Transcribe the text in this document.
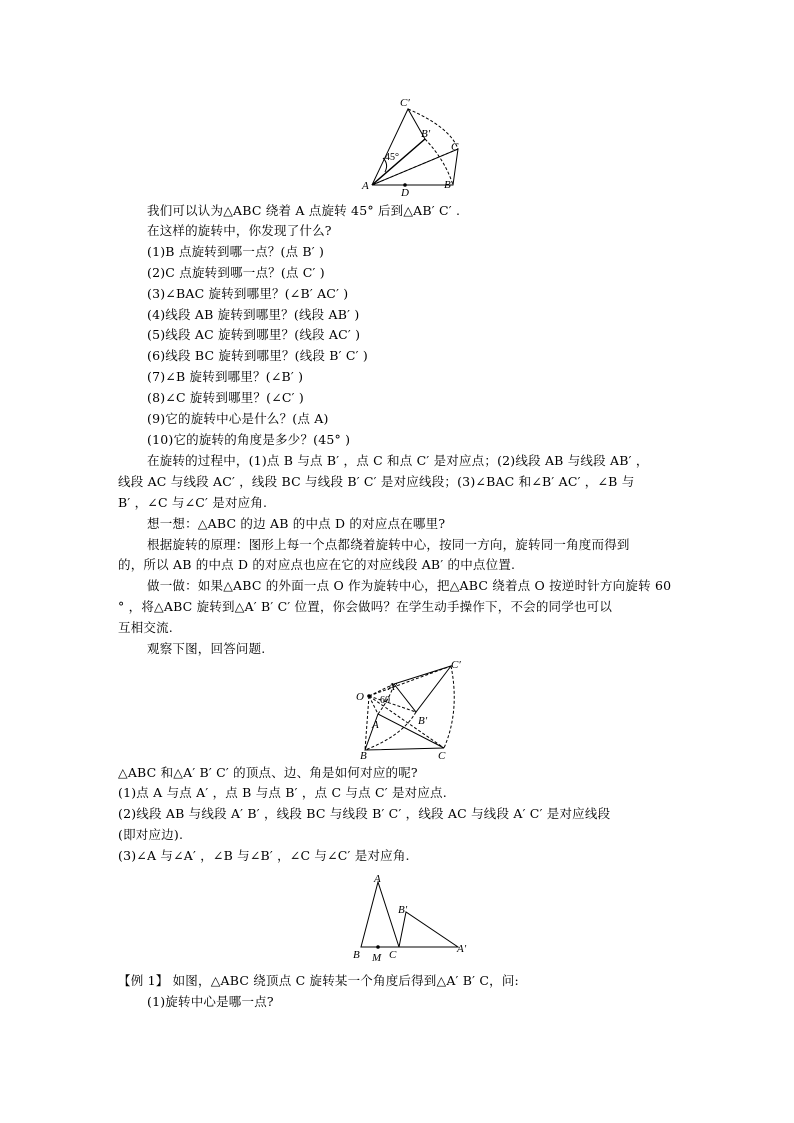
C′
B′
C
45°
A
D
B
我们可以认为△ABC 绕着 A 点旋转 45° 后到△AB′ C′ .
在这样的旋转中，你发现了什么?
(1)B 点旋转到哪一点？(点 B′ )
(2)C 点旋转到哪一点？(点 C′ )
(3)∠BAC 旋转到哪里？(∠B′ AC′ )
(4)线段 AB 旋转到哪里？(线段 AB′ )
(5)线段 AC 旋转到哪里？(线段 AC′ )
(6)线段 BC 旋转到哪里？(线段 B′ C′ )
(7)∠B 旋转到哪里？(∠B′ )
(8)∠C 旋转到哪里？(∠C′ )
(9)它的旋转中心是什么？(点 A)
(10)它的旋转的角度是多少？(45° )
在旋转的过程中，(1)点 B 与点 B′ ，点 C 和点 C′ 是对应点；(2)线段 AB 与线段 AB′ ，
线段 AC 与线段 AC′ ，线段 BC 与线段 B′ C′ 是对应线段；(3)∠BAC 和∠B′ AC′ ，∠B 与
B′ ，∠C 与∠C′ 是对应角.
想一想：△ABC 的边 AB 的中点 D 的对应点在哪里?
根据旋转的原理：图形上每一个点都绕着旋转中心，按同一方向，旋转同一角度而得到
的，所以 AB 的中点 D 的对应点也应在它的对应线段 AB′ 的中点位置.
做一做：如果△ABC 的外面一点 O 作为旋转中心，把△ABC 绕着点 O 按逆时针方向旋转 60
° ，将△ABC 旋转到△A′ B′ C′ 位置，你会做吗？在学生动手操作下，不会的同学也可以
互相交流.
观察下图，回答问题.
C′
O
A′
60
B′
A
B	C
△ABC 和△A′ B′ C′ 的顶点、边、角是如何对应的呢?
(1)点 A 与点 A′ ，点 B 与点 B′ ，点 C 与点 C′ 是对应点.
(2)线段 AB 与线段 A′ B′ ，线段 BC 与线段 B′ C′ ，线段 AC 与线段 A′ C′ 是对应线段
(即对应边).
(3)∠A 与∠A′ ，∠B 与∠B′ ，∠C 与∠C′ 是对应角.
A
B′
A′
B M C
【例 1】 如图，△ABC 绕顶点 C 旋转某一个角度后得到△A′ B′ C，问:
(1)旋转中心是哪一点?
